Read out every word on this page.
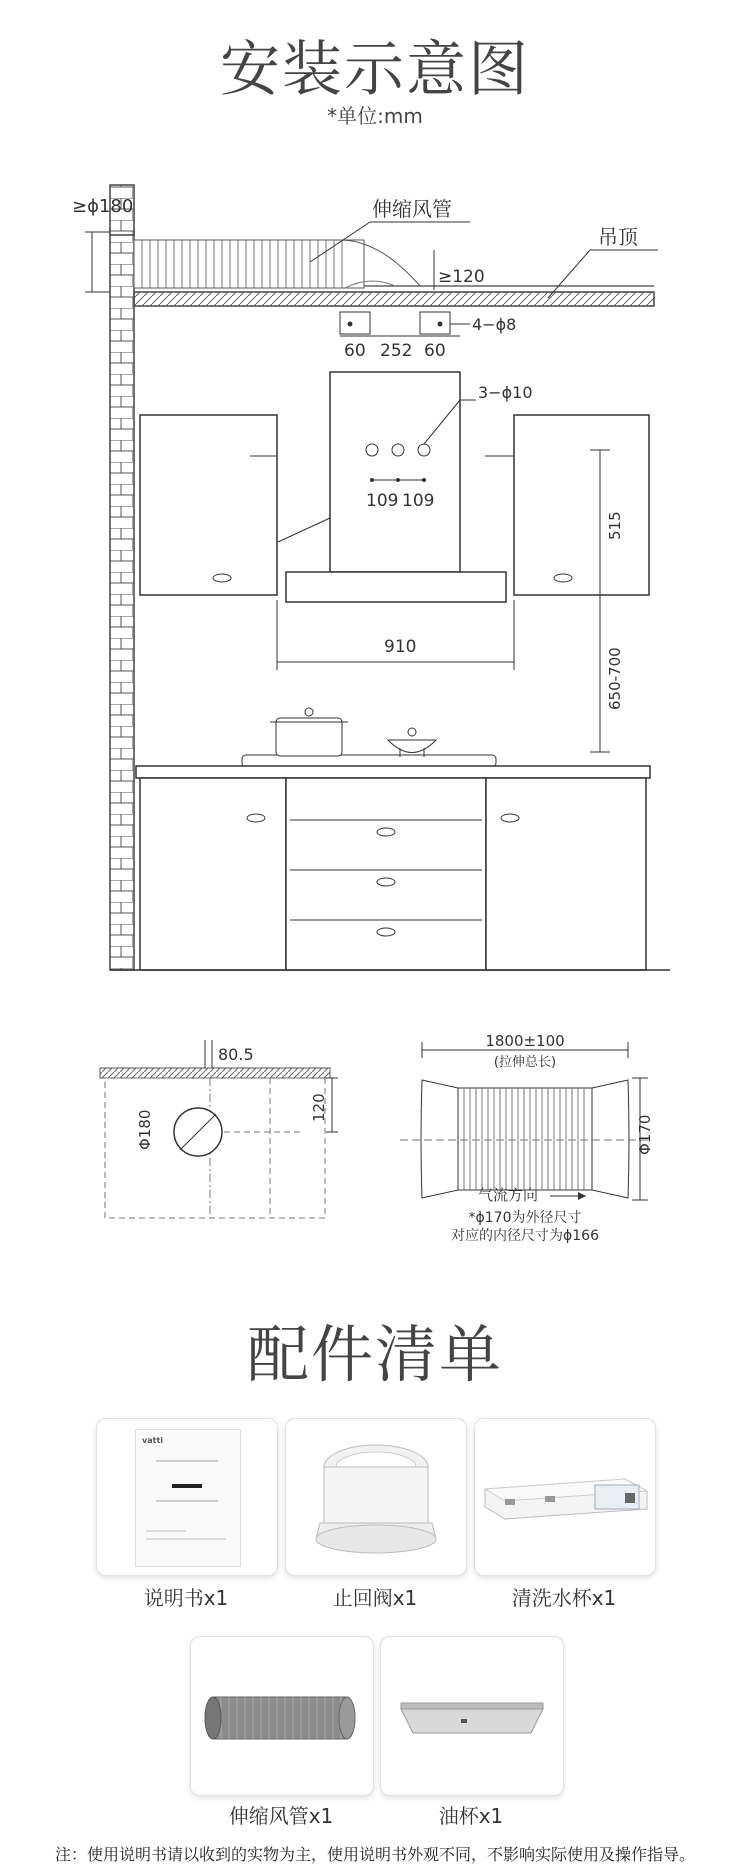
安装示意图
*单位:mm
≥ϕ180	伸缩风管
吊顶
≥120
4−ϕ8
60 252 60
3−ϕ10
109 109
515
910
650-700
80.5
120
Φ180
1800±100
(拉伸总长)
Φ170
气流方向
*ϕ170为外径尺寸
对应的内径尺寸为ϕ166
配件清单
vatti
说明书x1	止回阀x1	清洗水杯x1
伸缩风管x1	油杯x1
注：使用说明书请以收到的实物为主，使用说明书外观不同，不影响实际使用及操作指导。
